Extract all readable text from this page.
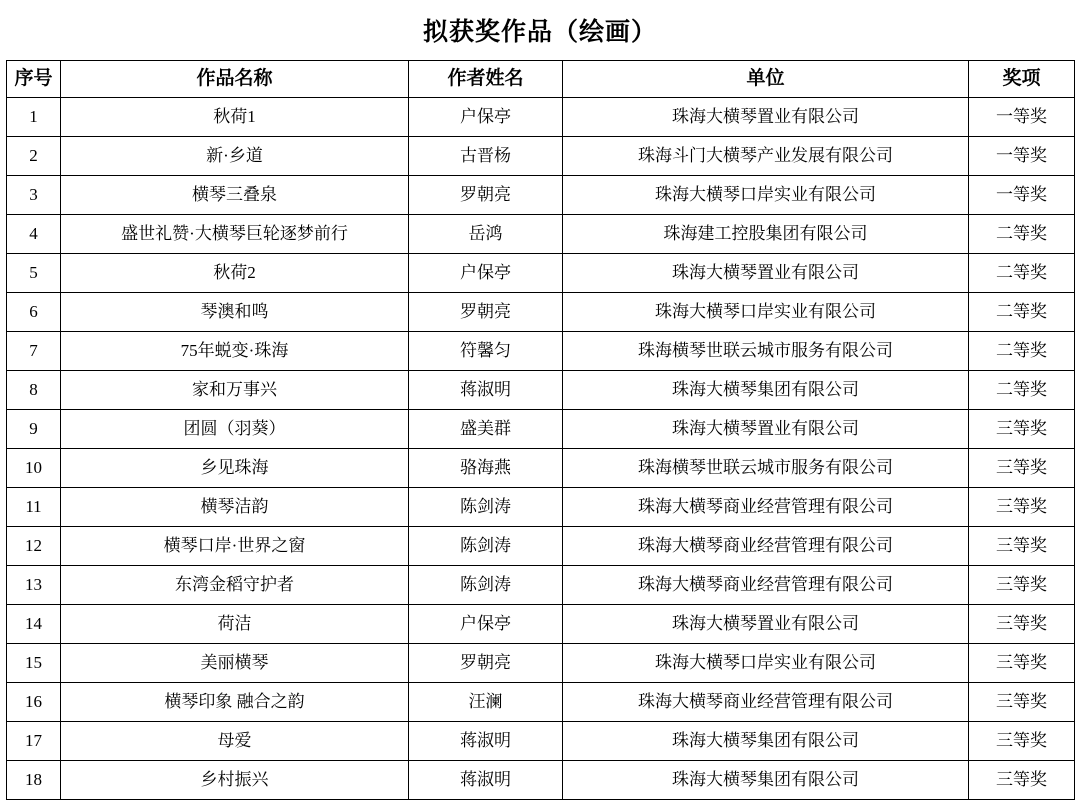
拟获奖作品（绘画）
序号	作品名称	作者姓名	单位	奖项
1	秋荷1	户保亭	珠海大横琴置业有限公司	一等奖
2	新·乡道	古晋杨	珠海斗门大横琴产业发展有限公司	一等奖
3	横琴三叠泉	罗朝亮	珠海大横琴口岸实业有限公司	一等奖
4	盛世礼赞·大横琴巨轮逐梦前行	岳鸿	珠海建工控股集团有限公司	二等奖
5	秋荷2	户保亭	珠海大横琴置业有限公司	二等奖
6	琴澳和鸣	罗朝亮	珠海大横琴口岸实业有限公司	二等奖
7	75年蜕变·珠海	符馨匀	珠海横琴世联云城市服务有限公司	二等奖
8	家和万事兴	蒋淑明	珠海大横琴集团有限公司	二等奖
9	团圆（羽葵）	盛美群	珠海大横琴置业有限公司	三等奖
10	乡见珠海	骆海燕	珠海横琴世联云城市服务有限公司	三等奖
11	横琴洁韵	陈剑涛	珠海大横琴商业经营管理有限公司	三等奖
12	横琴口岸·世界之窗	陈剑涛	珠海大横琴商业经营管理有限公司	三等奖
13	东湾金稻守护者	陈剑涛	珠海大横琴商业经营管理有限公司	三等奖
14	荷洁	户保亭	珠海大横琴置业有限公司	三等奖
15	美丽横琴	罗朝亮	珠海大横琴口岸实业有限公司	三等奖
16	横琴印象 融合之韵	汪澜	珠海大横琴商业经营管理有限公司	三等奖
17	母爱	蒋淑明	珠海大横琴集团有限公司	三等奖
18	乡村振兴	蒋淑明	珠海大横琴集团有限公司	三等奖
